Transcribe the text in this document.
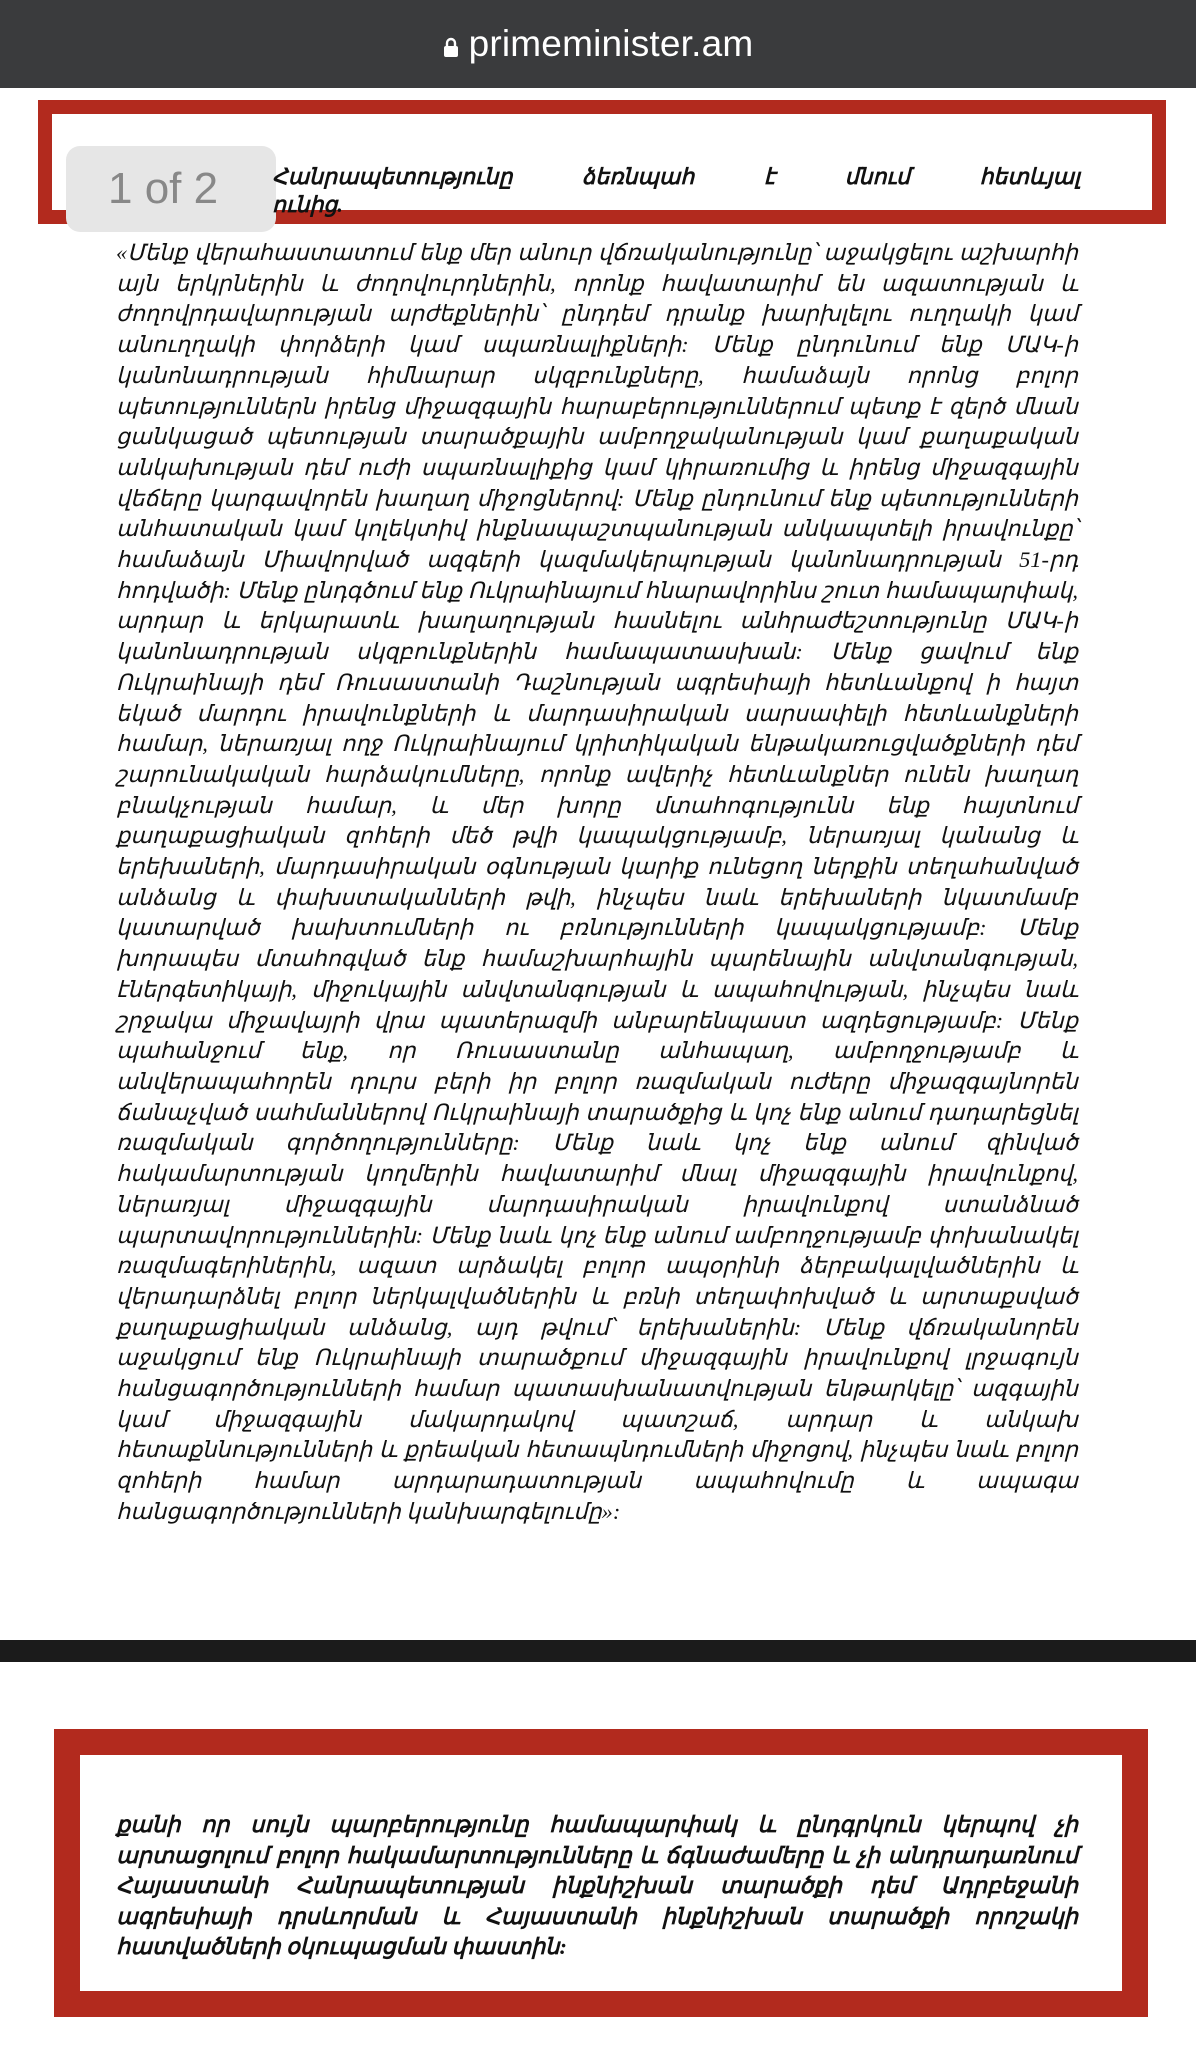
primeminister.am
1 of 2 Հանրապետությունը ձեռնպահ է մնում հետևյալ
ունից.

«Մենք վերահաստատում ենք մեր անուր վճռականությունը՝ աջակցելու աշխարհի այն երկրներին և ժողովուրդներին, որոնք հավատարիմ են ազատության և ժողովրդավարության արժեքներին՝ ընդդեմ դրանք խարխլելու ուղղակի կամ անուղղակի փորձերի կամ սպառնալիքների: Մենք ընդունում ենք ՄԱԿ-ի կանոնադրության հիմնարար սկզբունքները, համաձայն որոնց բոլոր պետություններն իրենց միջազգային հարաբերություններում պետք է զերծ մնան ցանկացած պետության տարածքային ամբողջականության կամ քաղաքական անկախության դեմ ուժի սպառնալիքից կամ կիրառումից և իրենց միջազգային վեճերը կարգավորեն խաղաղ միջոցներով: Մենք ընդունում ենք պետությունների անհատական կամ կոլեկտիվ ինքնապաշտպանության անկապտելի իրավունքը՝ համաձայն Միավորված ազգերի կազմակերպության կանոնադրության 51-րդ հոդվածի: Մենք ընդգծում ենք Ուկրաինայում հնարավորինս շուտ համապարփակ, արդար և երկարատև խաղաղության հասնելու անհրաժեշտությունը ՄԱԿ-ի կանոնադրության սկզբունքներին համապատասխան: Մենք ցավում ենք Ուկրաինայի դեմ Ռուսաստանի Դաշնության ագրեսիայի հետևանքով ի հայտ եկած մարդու իրավունքների և մարդասիրական սարսափելի հետևանքների համար, ներառյալ ողջ Ուկրաինայում կրիտիկական ենթակառուցվածքների դեմ շարունակական հարձակումները, որոնք ավերիչ հետևանքներ ունեն խաղաղ բնակչության համար, և մեր խորը մտահոգությունն ենք հայտնում քաղաքացիական զոհերի մեծ թվի կապակցությամբ, ներառյալ կանանց և երեխաների, մարդասիրական օգնության կարիք ունեցող ներքին տեղահանված անձանց և փախստականների թվի, ինչպես նաև երեխաների նկատմամբ կատարված խախտումների ու բռնությունների կապակցությամբ: Մենք խորապես մտահոգված ենք համաշխարհային պարենային անվտանգության, էներգետիկայի, միջուկային անվտանգության և ապահովության, ինչպես նաև շրջակա միջավայրի վրա պատերազմի անբարենպաստ ազդեցությամբ: Մենք պահանջում ենք, որ Ռուսաստանը անհապաղ, ամբողջությամբ և անվերապահորեն դուրս բերի իր բոլոր ռազմական ուժերը միջազգայնորեն ճանաչված սահմաններով Ուկրաինայի տարածքից և կոչ ենք անում դադարեցնել ռազմական գործողությունները: Մենք նաև կոչ ենք անում զինված հակամարտության կողմերին հավատարիմ մնալ միջազգային իրավունքով, ներառյալ միջազգային մարդասիրական իրավունքով ստանձնած պարտավորություններին: Մենք նաև կոչ ենք անում ամբողջությամբ փոխանակել ռազմագերիներին, ազատ արձակել բոլոր ապօրինի ձերբակալվածներին և վերադարձնել բոլոր ներկալվածներին և բռնի տեղափոխված և արտաքսված քաղաքացիական անձանց, այդ թվում՝ երեխաներին: Մենք վճռականորեն աջակցում ենք Ուկրաինայի տարածքում միջազգային իրավունքով լրջագույն հանցագործությունների համար պատասխանատվության ենթարկելը՝ ազգային կամ միջազգային մակարդակով պատշաճ, արդար և անկախ հետաքննությունների և քրեական հետապնդումների միջոցով, ինչպես նաև բոլոր զոհերի համար արդարադատության ապահովումը և ապագա հանցագործությունների կանխարգելումը»:

քանի որ սույն պարբերությունը համապարփակ և ընդգրկուն կերպով չի արտացոլում բոլոր հակամարտությունները և ճգնաժամերը և չի անդրադառնում Հայաստանի Հանրապետության ինքնիշխան տարածքի դեմ Ադրբեջանի ագրեսիայի դրսևորման և Հայաստանի ինքնիշխան տարածքի որոշակի հատվածների օկուպացման փաստին:
